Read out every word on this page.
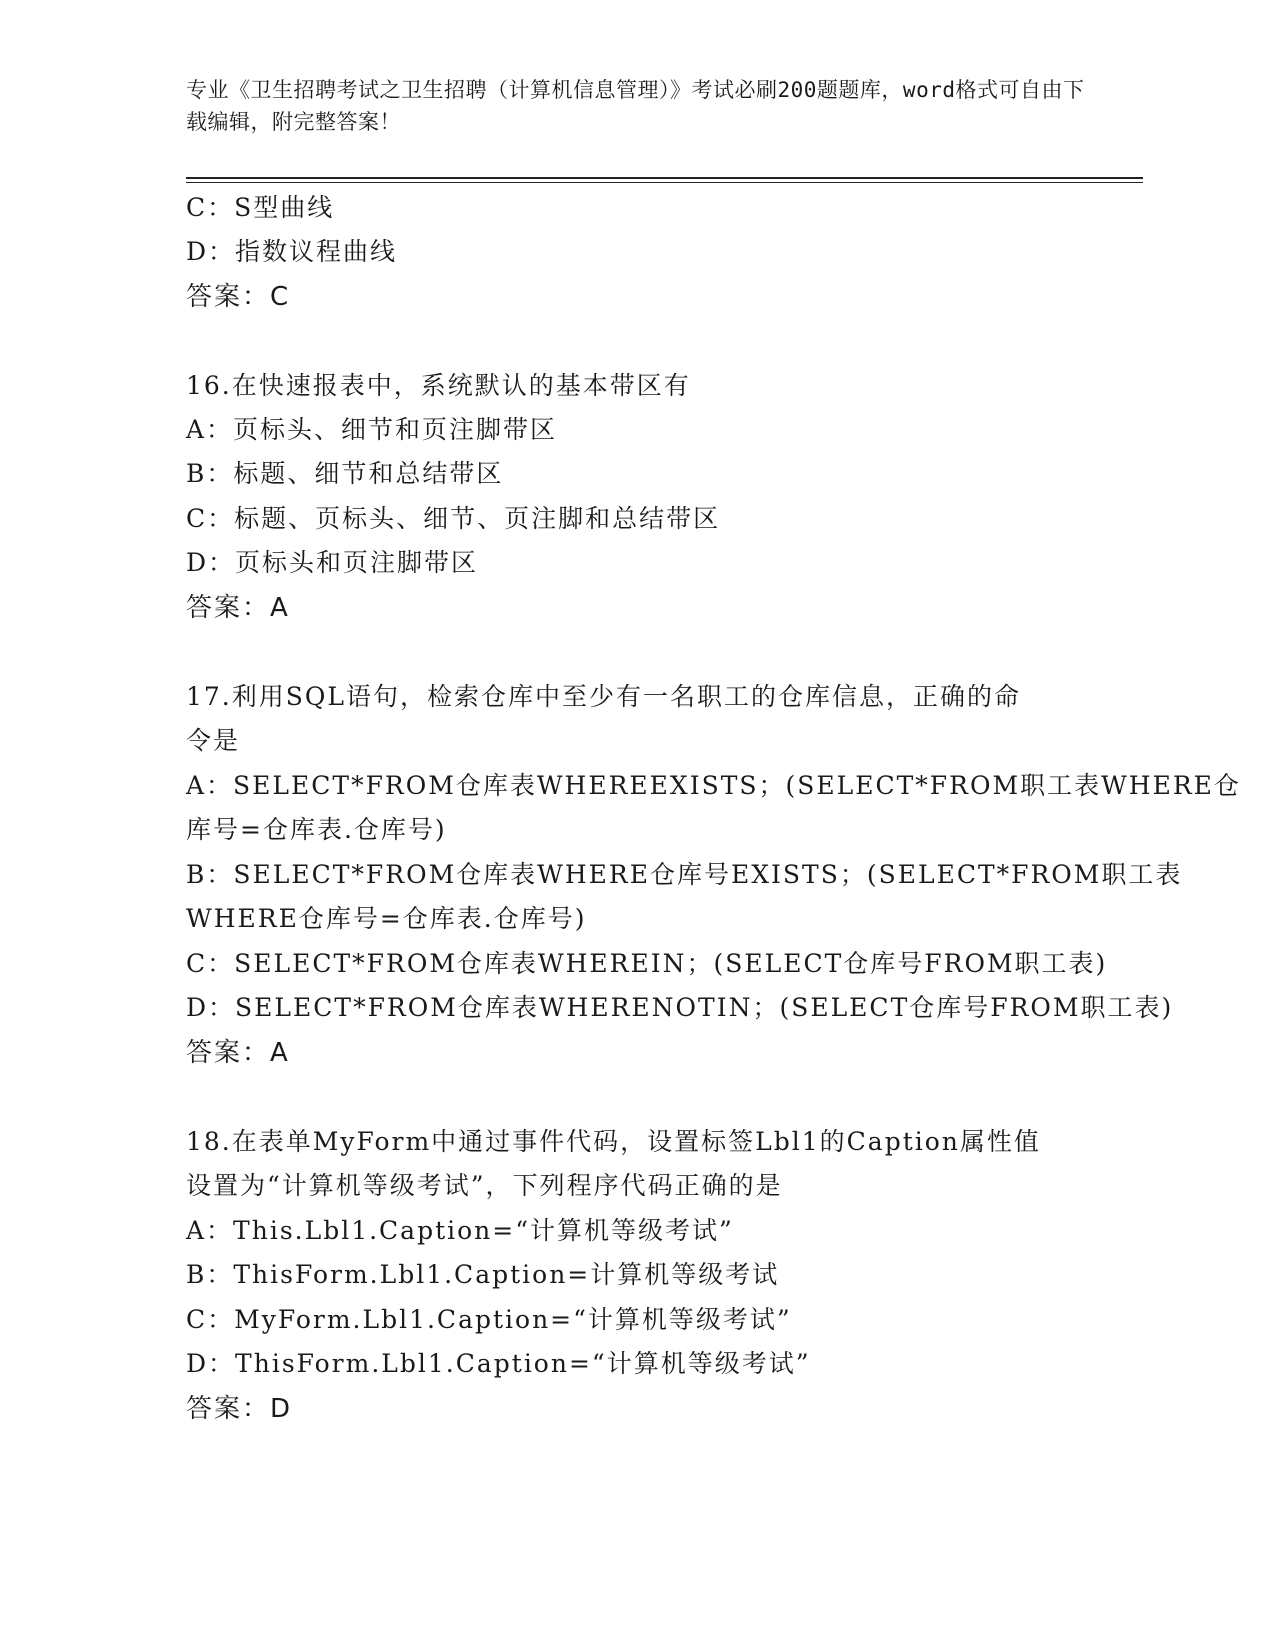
专业《卫生招聘考试之卫生招聘（计算机信息管理）》考试必刷200题题库，word格式可自由下载编辑，附完整答案！
C：S型曲线
D：指数议程曲线
答案：C
16.在快速报表中，系统默认的基本带区有
A：页标头、细节和页注脚带区
B：标题、细节和总结带区
C：标题、页标头、细节、页注脚和总结带区
D：页标头和页注脚带区
答案：A
17.利用SQL语句，检索仓库中至少有一名职工的仓库信息，正确的命
令是
A：SELECT*FROM仓库表WHEREEXISTS；(SELECT*FROM职工表WHERE仓
库号=仓库表.仓库号)
B：SELECT*FROM仓库表WHERE仓库号EXISTS；(SELECT*FROM职工表
WHERE仓库号=仓库表.仓库号)
C：SELECT*FROM仓库表WHEREIN；(SELECT仓库号FROM职工表)
D：SELECT*FROM仓库表WHERENOTIN；(SELECT仓库号FROM职工表)
答案：A
18.在表单MyForm中通过事件代码，设置标签Lbl1的Caption属性值
设置为“计算机等级考试”，下列程序代码正确的是
A：This.Lbl1.Caption=“计算机等级考试”
B：ThisForm.Lbl1.Caption=计算机等级考试
C：MyForm.Lbl1.Caption=“计算机等级考试”
D：ThisForm.Lbl1.Caption=“计算机等级考试”
答案：D
